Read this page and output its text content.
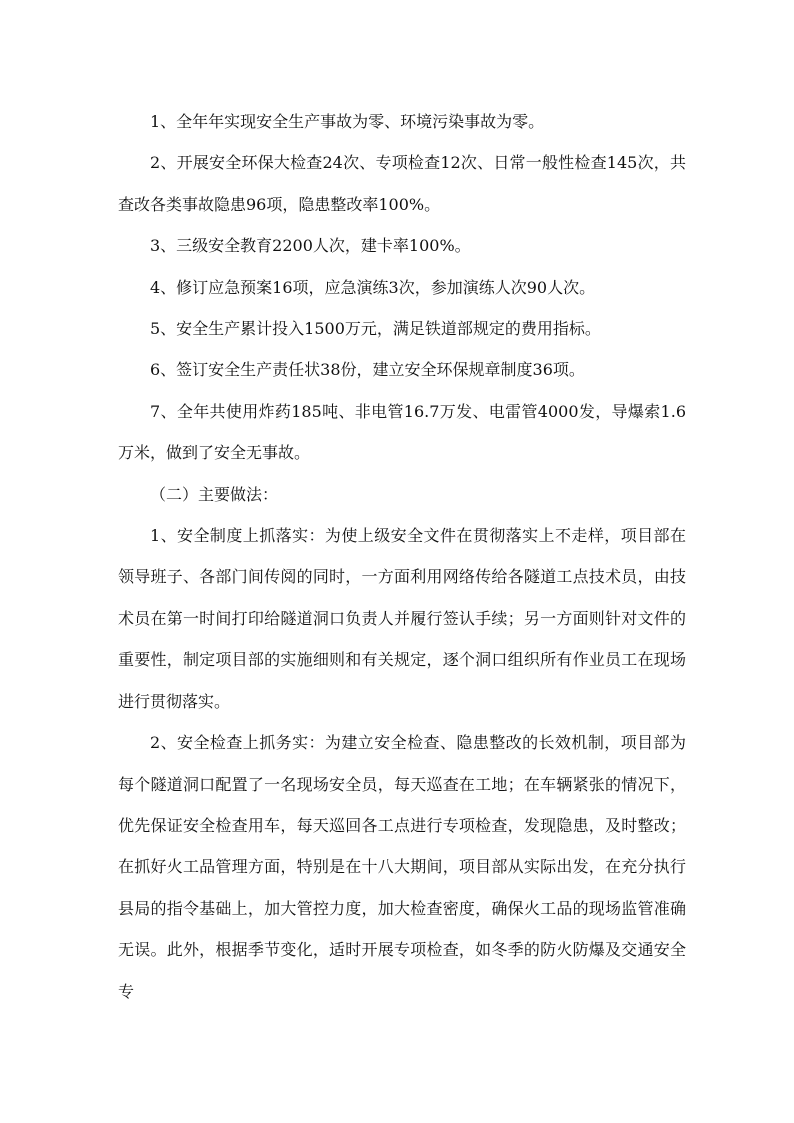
1、全年年实现安全生产事故为零、环境污染事故为零。

2、开展安全环保大检查24次、专项检查12次、日常一般性检查145次，共查改各类事故隐患96项，隐患整改率100%。

3、三级安全教育2200人次，建卡率100%。

4、修订应急预案16项，应急演练3次，参加演练人次90人次。

5、安全生产累计投入1500万元，满足铁道部规定的费用指标。

6、签订安全生产责任状38份，建立安全环保规章制度36项。

7、全年共使用炸药185吨、非电管16.7万发、电雷管4000发，导爆索1.6万米，做到了安全无事故。

（二）主要做法：

1、安全制度上抓落实：为使上级安全文件在贯彻落实上不走样，项目部在领导班子、各部门间传阅的同时，一方面利用网络传给各隧道工点技术员，由技术员在第一时间打印给隧道洞口负责人并履行签认手续；另一方面则针对文件的重要性，制定项目部的实施细则和有关规定，逐个洞口组织所有作业员工在现场进行贯彻落实。

2、安全检查上抓务实：为建立安全检查、隐患整改的长效机制，项目部为每个隧道洞口配置了一名现场安全员，每天巡查在工地；在车辆紧张的情况下，优先保证安全检查用车，每天巡回各工点进行专项检查，发现隐患，及时整改；在抓好火工品管理方面，特别是在十八大期间，项目部从实际出发，在充分执行县局的指令基础上，加大管控力度，加大检查密度，确保火工品的现场监管准确无误。此外，根据季节变化，适时开展专项检查，如冬季的防火防爆及交通安全专
